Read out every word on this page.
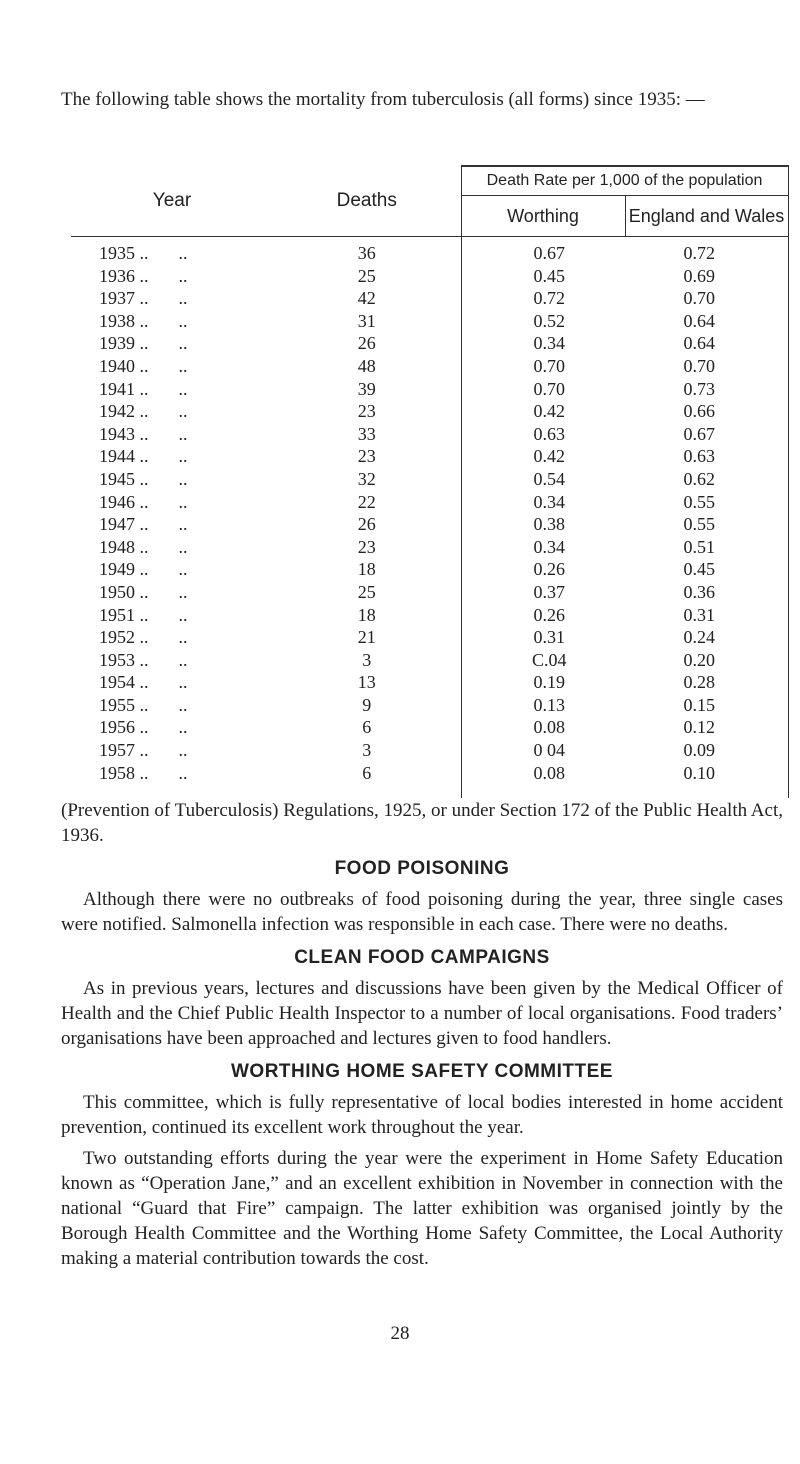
The following table shows the mortality from tuberculosis (all forms) since 1935: —

Year	Deaths	Death Rate per 1,000 of the population	
		Worthing	England and Wales
1935 .. ..	36	0.67	0.72
1936 .. ..	25	0.45	0.69
1937 .. ..	42	0.72	0.70
1938 .. ..	31	0.52	0.64
1939 .. ..	26	0.34	0.64
1940 .. ..	48	0.70	0.70
1941 .. ..	39	0.70	0.73
1942 .. ..	23	0.42	0.66
1943 .. ..	33	0.63	0.67
1944 .. ..	23	0.42	0.63
1945 .. ..	32	0.54	0.62
1946 .. ..	22	0.34	0.55
1947 .. ..	26	0.38	0.55
1948 .. ..	23	0.34	0.51
1949 .. ..	18	0.26	0.45
1950 .. ..	25	0.37	0.36
1951 .. ..	18	0.26	0.31
1952 .. ..	21	0.31	0.24
1953 .. ..	3	C.04	0.20
1954 .. ..	13	0.19	0.28
1955 .. ..	9	0.13	0.15
1956 .. ..	6	0.08	0.12
1957 .. ..	3	0 04	0.09
1958 .. ..	6	0.08	0.10

(Prevention of Tuberculosis) Regulations, 1925, or under Section 172 of the Public Health Act, 1936.

FOOD POISONING

Although there were no outbreaks of food poisoning during the year, three single cases were notified. Salmonella infection was responsible in each case. There were no deaths.

CLEAN FOOD CAMPAIGNS

As in previous years, lectures and discussions have been given by the Medical Officer of Health and the Chief Public Health Inspector to a number of local organisations. Food traders’ organisations have been approached and lectures given to food handlers.

WORTHING HOME SAFETY COMMITTEE

This committee, which is fully representative of local bodies interested in home accident prevention, continued its excellent work throughout the year.

Two outstanding efforts during the year were the experiment in Home Safety Education known as “Operation Jane,” and an excellent exhibition in November in connection with the national “Guard that Fire” campaign. The latter exhibition was organised jointly by the Borough Health Committee and the Worthing Home Safety Committee, the Local Authority making a material contribution towards the cost.

28
